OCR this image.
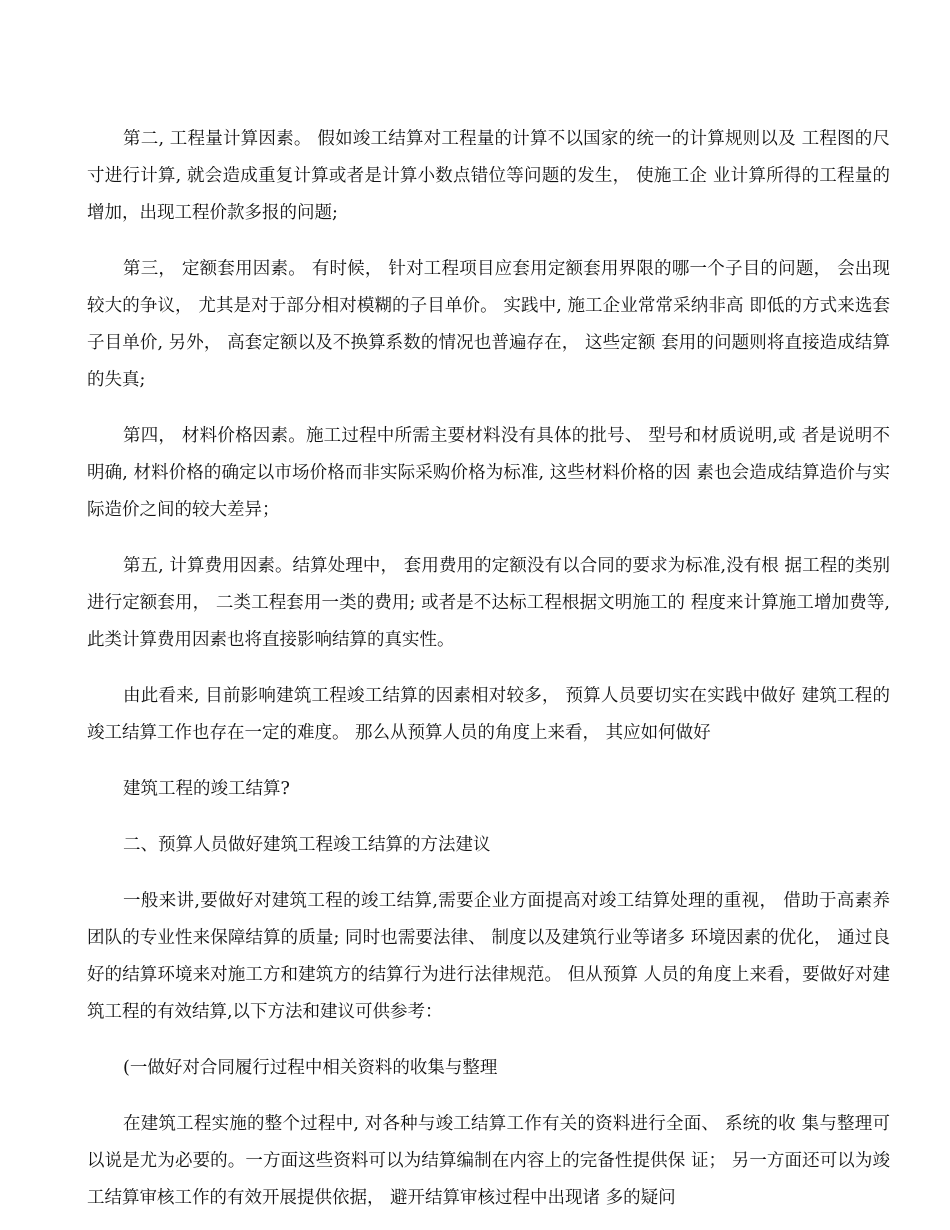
第二, 工程量计算因素。 假如竣工结算对工程量的计算不以国家的统一的计算规则以及 工程图的尺寸进行计算, 就会造成重复计算或者是计算小数点错位等问题的发生， 使施工企 业计算所得的工程量的增加，出现工程价款多报的问题;

第三， 定额套用因素。 有时候， 针对工程项目应套用定额套用界限的哪一个子目的问题， 会出现较大的争议， 尤其是对于部分相对模糊的子目单价。 实践中, 施工企业常常采纳非高 即低的方式来选套子目单价, 另外， 高套定额以及不换算系数的情况也普遍存在， 这些定额 套用的问题则将直接造成结算的失真;

第四， 材料价格因素。施工过程中所需主要材料没有具体的批号、 型号和材质说明,或 者是说明不明确, 材料价格的确定以市场价格而非实际采购价格为标准, 这些材料价格的因 素也会造成结算造价与实际造价之间的较大差异；

第五, 计算费用因素。结算处理中， 套用费用的定额没有以合同的要求为标准,没有根 据工程的类别进行定额套用， 二类工程套用一类的费用; 或者是不达标工程根据文明施工的 程度来计算施工增加费等,此类计算费用因素也将直接影响结算的真实性。

由此看来, 目前影响建筑工程竣工结算的因素相对较多， 预算人员要切实在实践中做好 建筑工程的竣工结算工作也存在一定的难度。 那么从预算人员的角度上来看， 其应如何做好

建筑工程的竣工结算?

二、预算人员做好建筑工程竣工结算的方法建议

一般来讲,要做好对建筑工程的竣工结算,需要企业方面提高对竣工结算处理的重视， 借助于高素养团队的专业性来保障结算的质量; 同时也需要法律、 制度以及建筑行业等诸多 环境因素的优化， 通过良好的结算环境来对施工方和建筑方的结算行为进行法律规范。 但从预算 人员的角度上来看，要做好对建筑工程的有效结算,以下方法和建议可供参考：

(一做好对合同履行过程中相关资料的收集与整理

在建筑工程实施的整个过程中, 对各种与竣工结算工作有关的资料进行全面、 系统的收 集与整理可以说是尤为必要的。一方面这些资料可以为结算编制在内容上的完备性提供保 证； 另一方面还可以为竣工结算审核工作的有效开展提供依据， 避开结算审核过程中出现诸 多的疑问
